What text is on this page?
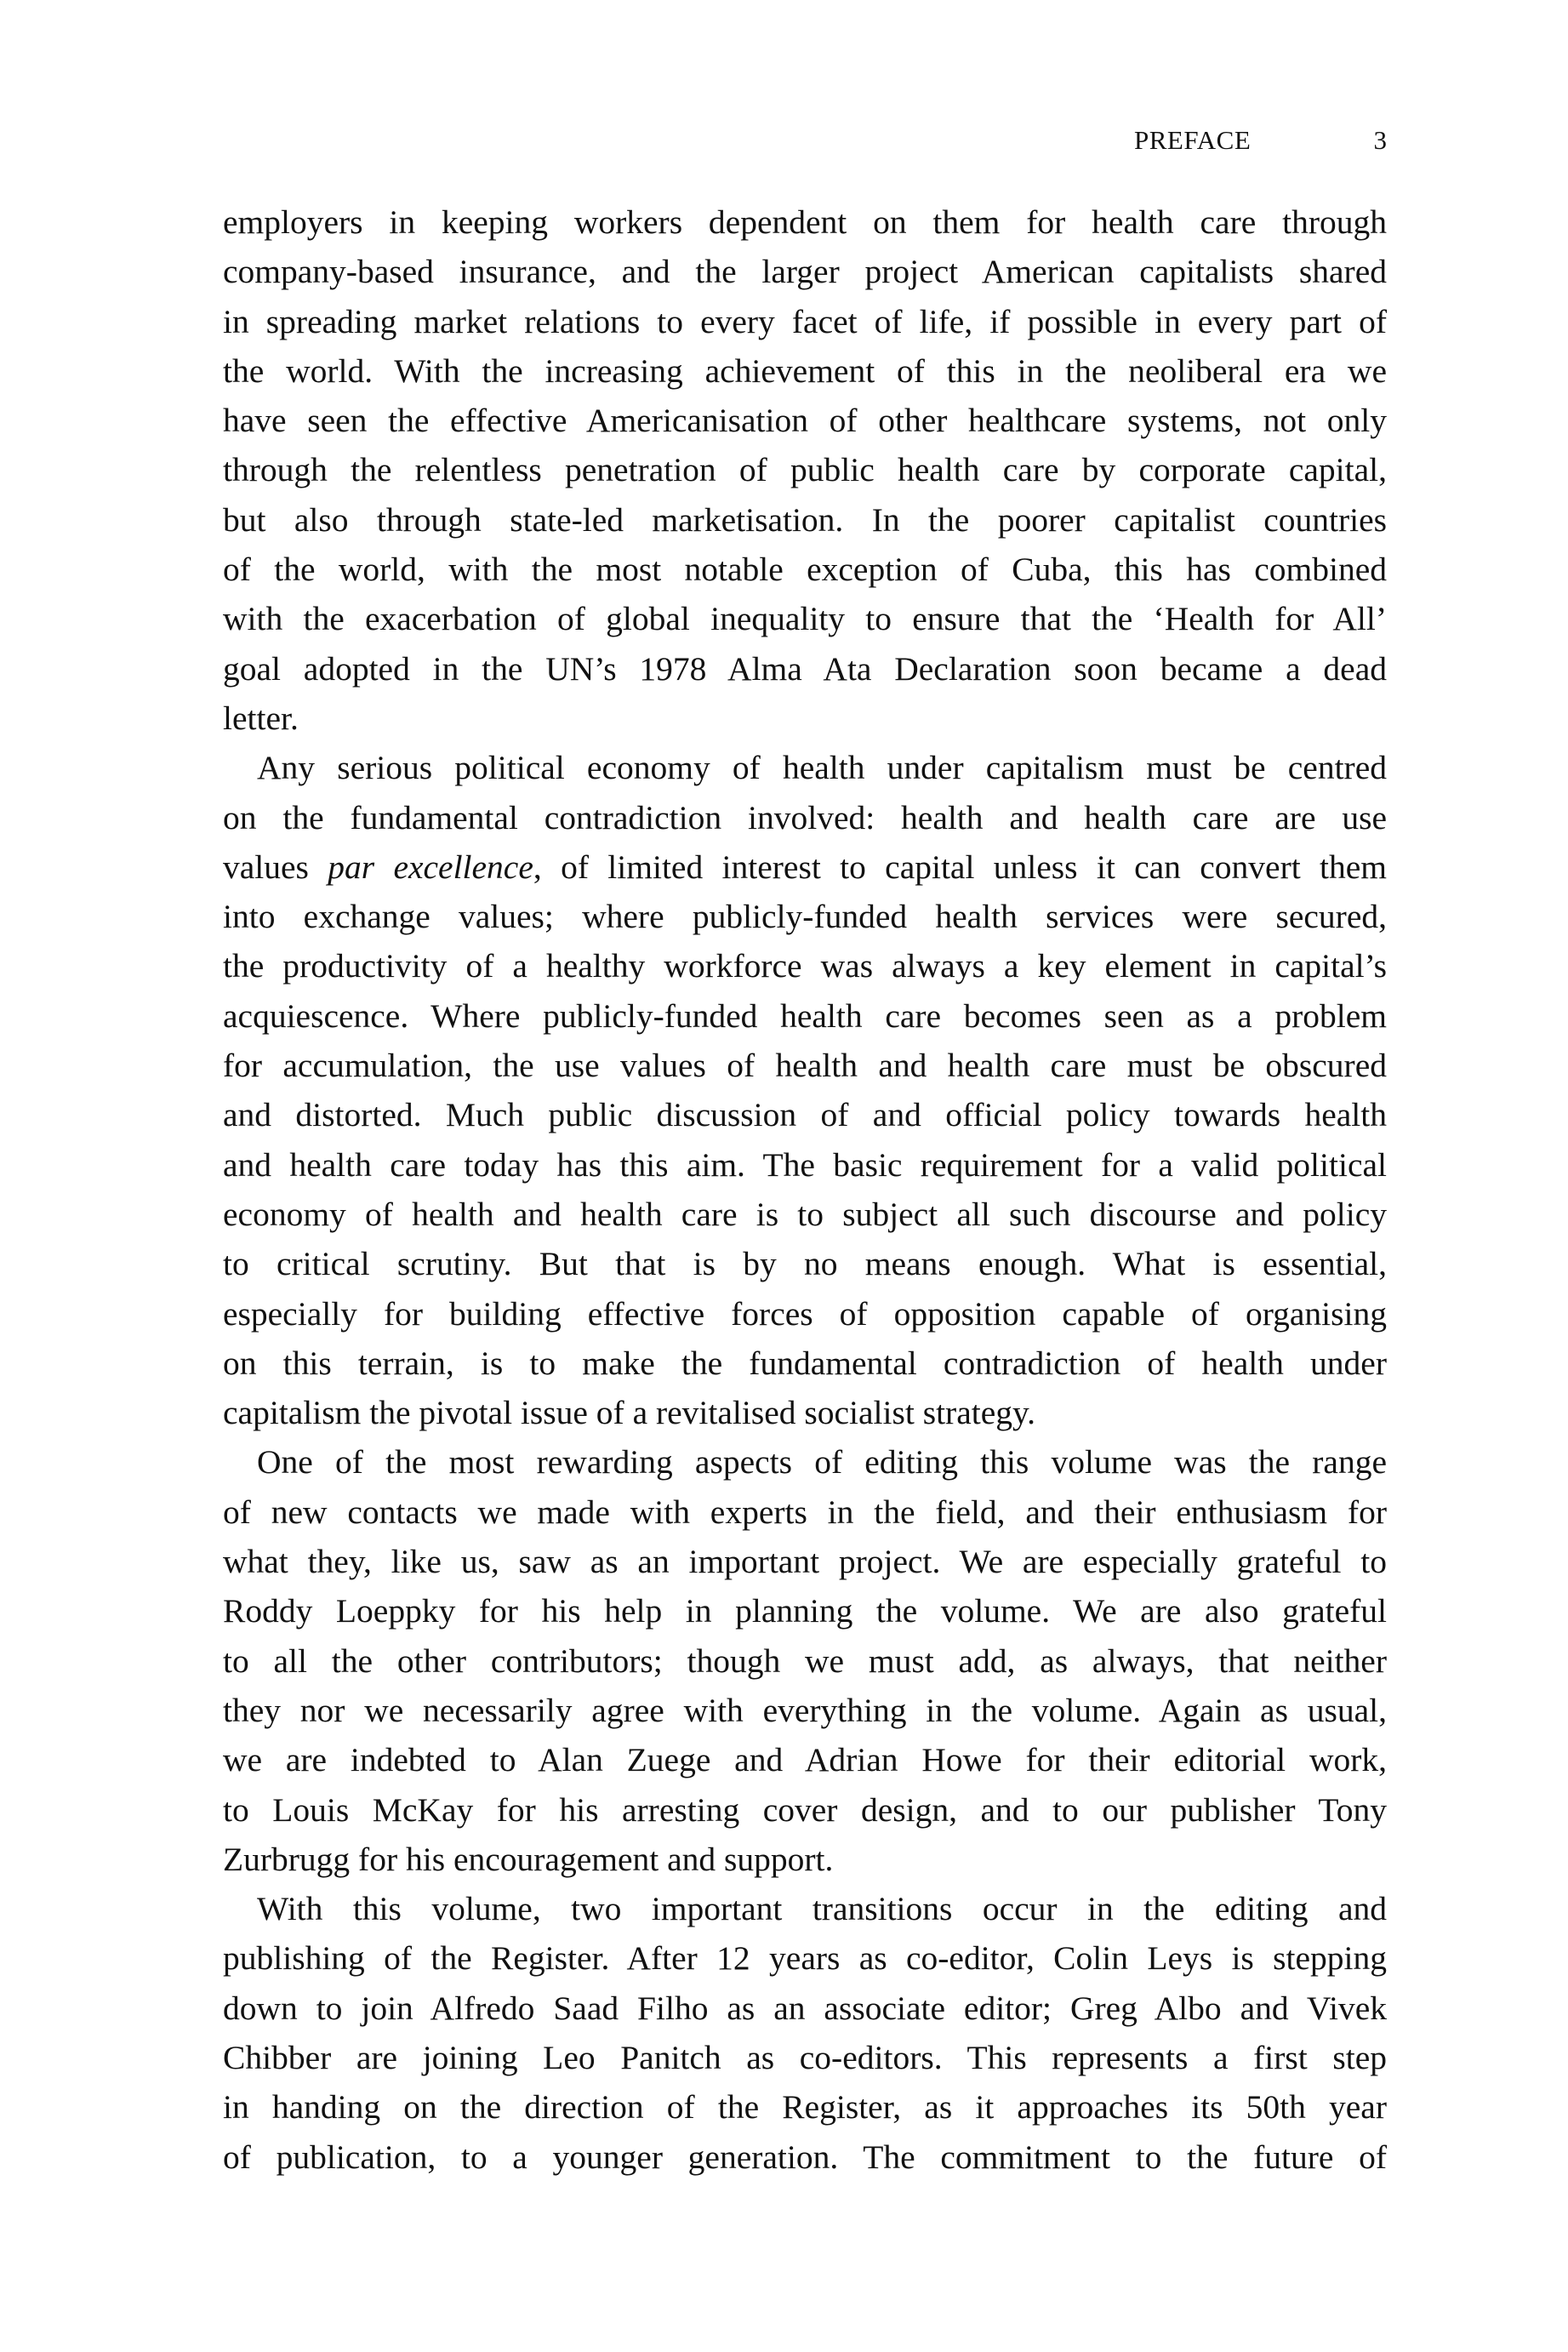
PREFACE	3
employers in keeping workers dependent on them for health care through
company-based insurance, and the larger project American capitalists shared
in spreading market relations to every facet of life, if possible in every part of
the world. With the increasing achievement of this in the neoliberal era we
have seen the effective Americanisation of other healthcare systems, not only
through the relentless penetration of public health care by corporate capital,
but also through state-led marketisation. In the poorer capitalist countries
of the world, with the most notable exception of Cuba, this has combined
with the exacerbation of global inequality to ensure that the ‘Health for All’
goal adopted in the UN’s 1978 Alma Ata Declaration soon became a dead
letter.
Any serious political economy of health under capitalism must be centred
on the fundamental contradiction involved: health and health care are use
values par excellence, of limited interest to capital unless it can convert them
into exchange values; where publicly-funded health services were secured,
the productivity of a healthy workforce was always a key element in capital’s
acquiescence. Where publicly-funded health care becomes seen as a problem
for accumulation, the use values of health and health care must be obscured
and distorted. Much public discussion of and official policy towards health
and health care today has this aim. The basic requirement for a valid political
economy of health and health care is to subject all such discourse and policy
to critical scrutiny. But that is by no means enough. What is essential,
especially for building effective forces of opposition capable of organising
on this terrain, is to make the fundamental contradiction of health under
capitalism the pivotal issue of a revitalised socialist strategy.
One of the most rewarding aspects of editing this volume was the range
of new contacts we made with experts in the field, and their enthusiasm for
what they, like us, saw as an important project. We are especially grateful to
Roddy Loeppky for his help in planning the volume. We are also grateful
to all the other contributors; though we must add, as always, that neither
they nor we necessarily agree with everything in the volume. Again as usual,
we are indebted to Alan Zuege and Adrian Howe for their editorial work,
to Louis McKay for his arresting cover design, and to our publisher Tony
Zurbrugg for his encouragement and support.
With this volume, two important transitions occur in the editing and
publishing of the Register. After 12 years as co-editor, Colin Leys is stepping
down to join Alfredo Saad Filho as an associate editor; Greg Albo and Vivek
Chibber are joining Leo Panitch as co-editors. This represents a first step
in handing on the direction of the Register, as it approaches its 50th year
of publication, to a younger generation. The commitment to the future of
